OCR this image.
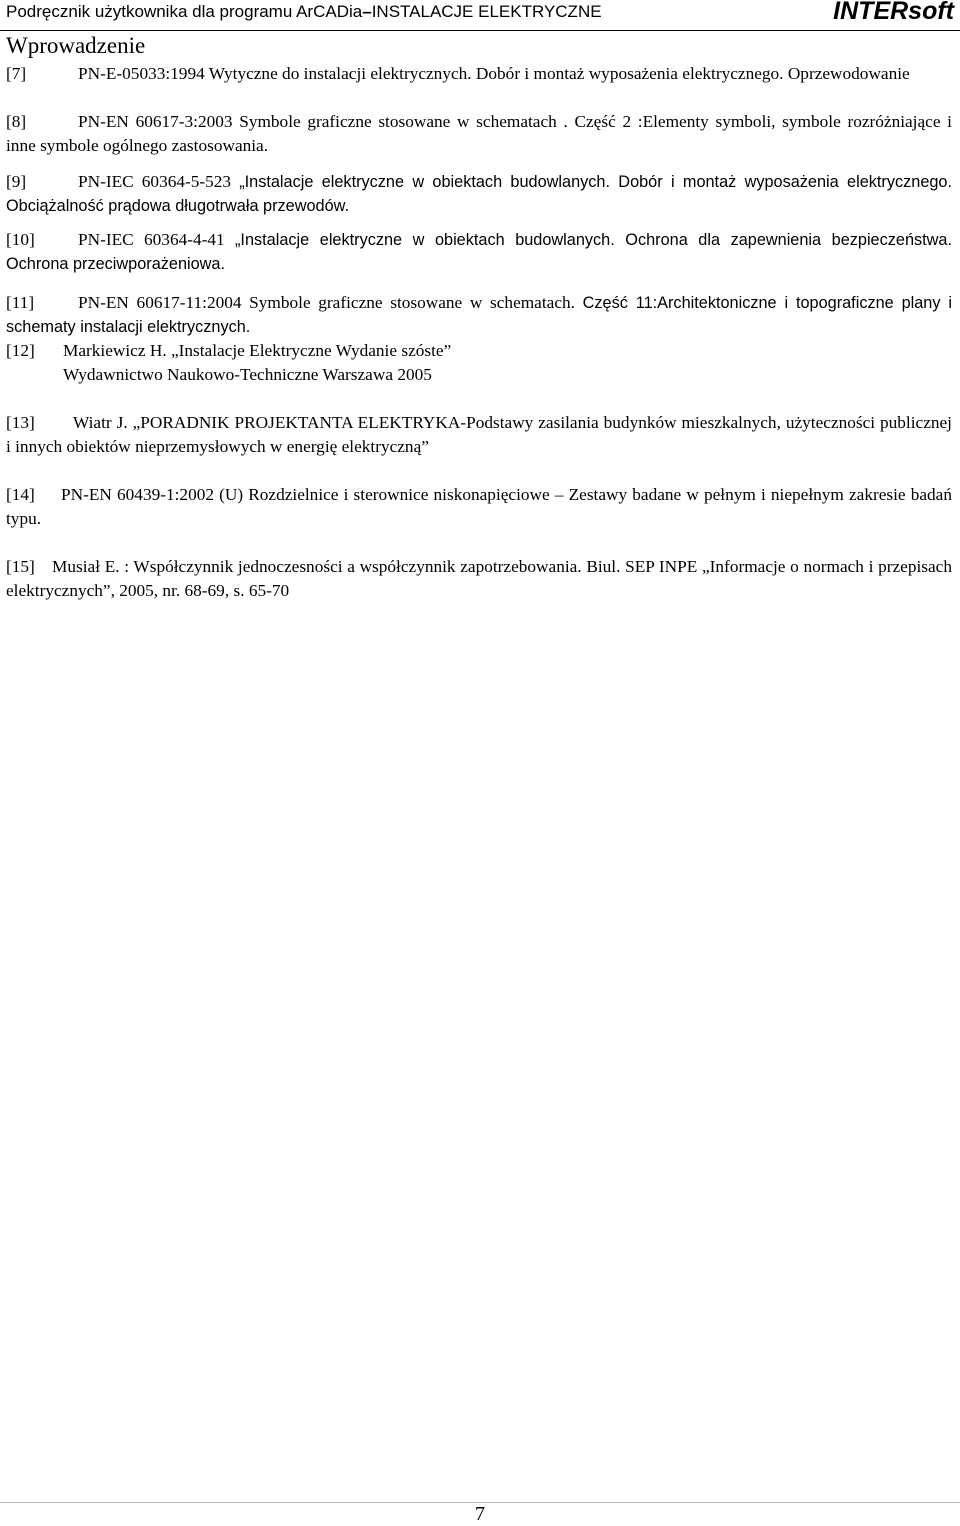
Podręcznik użytkownika dla programu ArCADia–INSTALACJE ELEKTRYCZNE	INTERsoft
Wprowadzenie

[7]	PN-E-05033:1994 Wytyczne do instalacji elektrycznych. Dobór i montaż wyposażenia elektrycznego. Oprzewodowanie

[8]	PN-EN 60617-3:2003 Symbole graficzne stosowane w schematach . Część 2 :Elementy symboli, symbole rozróżniające i inne symbole ogólnego zastosowania.

[9]	PN-IEC 60364-5-523 „Instalacje elektryczne w obiektach budowlanych. Dobór i montaż wyposażenia elektrycznego. Obciążalność prądowa długotrwała przewodów.

[10] PN-IEC 60364-4-41 „Instalacje elektryczne w obiektach budowlanych. Ochrona dla zapewnienia bezpieczeństwa. Ochrona przeciwporażeniowa.

[11]	PN-EN 60617-11:2004 Symbole graficzne stosowane w schematach. Część 11:Architektoniczne i topograficzne plany i schematy instalacji elektrycznych.

[12] Markiewicz H. „Instalacje Elektryczne Wydanie szóste”
Wydawnictwo Naukowo-Techniczne Warszawa 2005

[13] Wiatr J. „PORADNIK PROJEKTANTA ELEKTRYKA-Podstawy zasilania budynków mieszkalnych, użyteczności publicznej i innych obiektów nieprzemysłowych w energię elektryczną”

[14] PN-EN 60439-1:2002 (U) Rozdzielnice i sterownice niskonapięciowe – Zestawy badane w pełnym i niepełnym zakresie badań typu.

[15] Musiał E. : Współczynnik jednoczesności a współczynnik zapotrzebowania. Biul. SEP INPE „Informacje o normach i przepisach elektrycznych”, 2005, nr. 68-69, s. 65-70

7
